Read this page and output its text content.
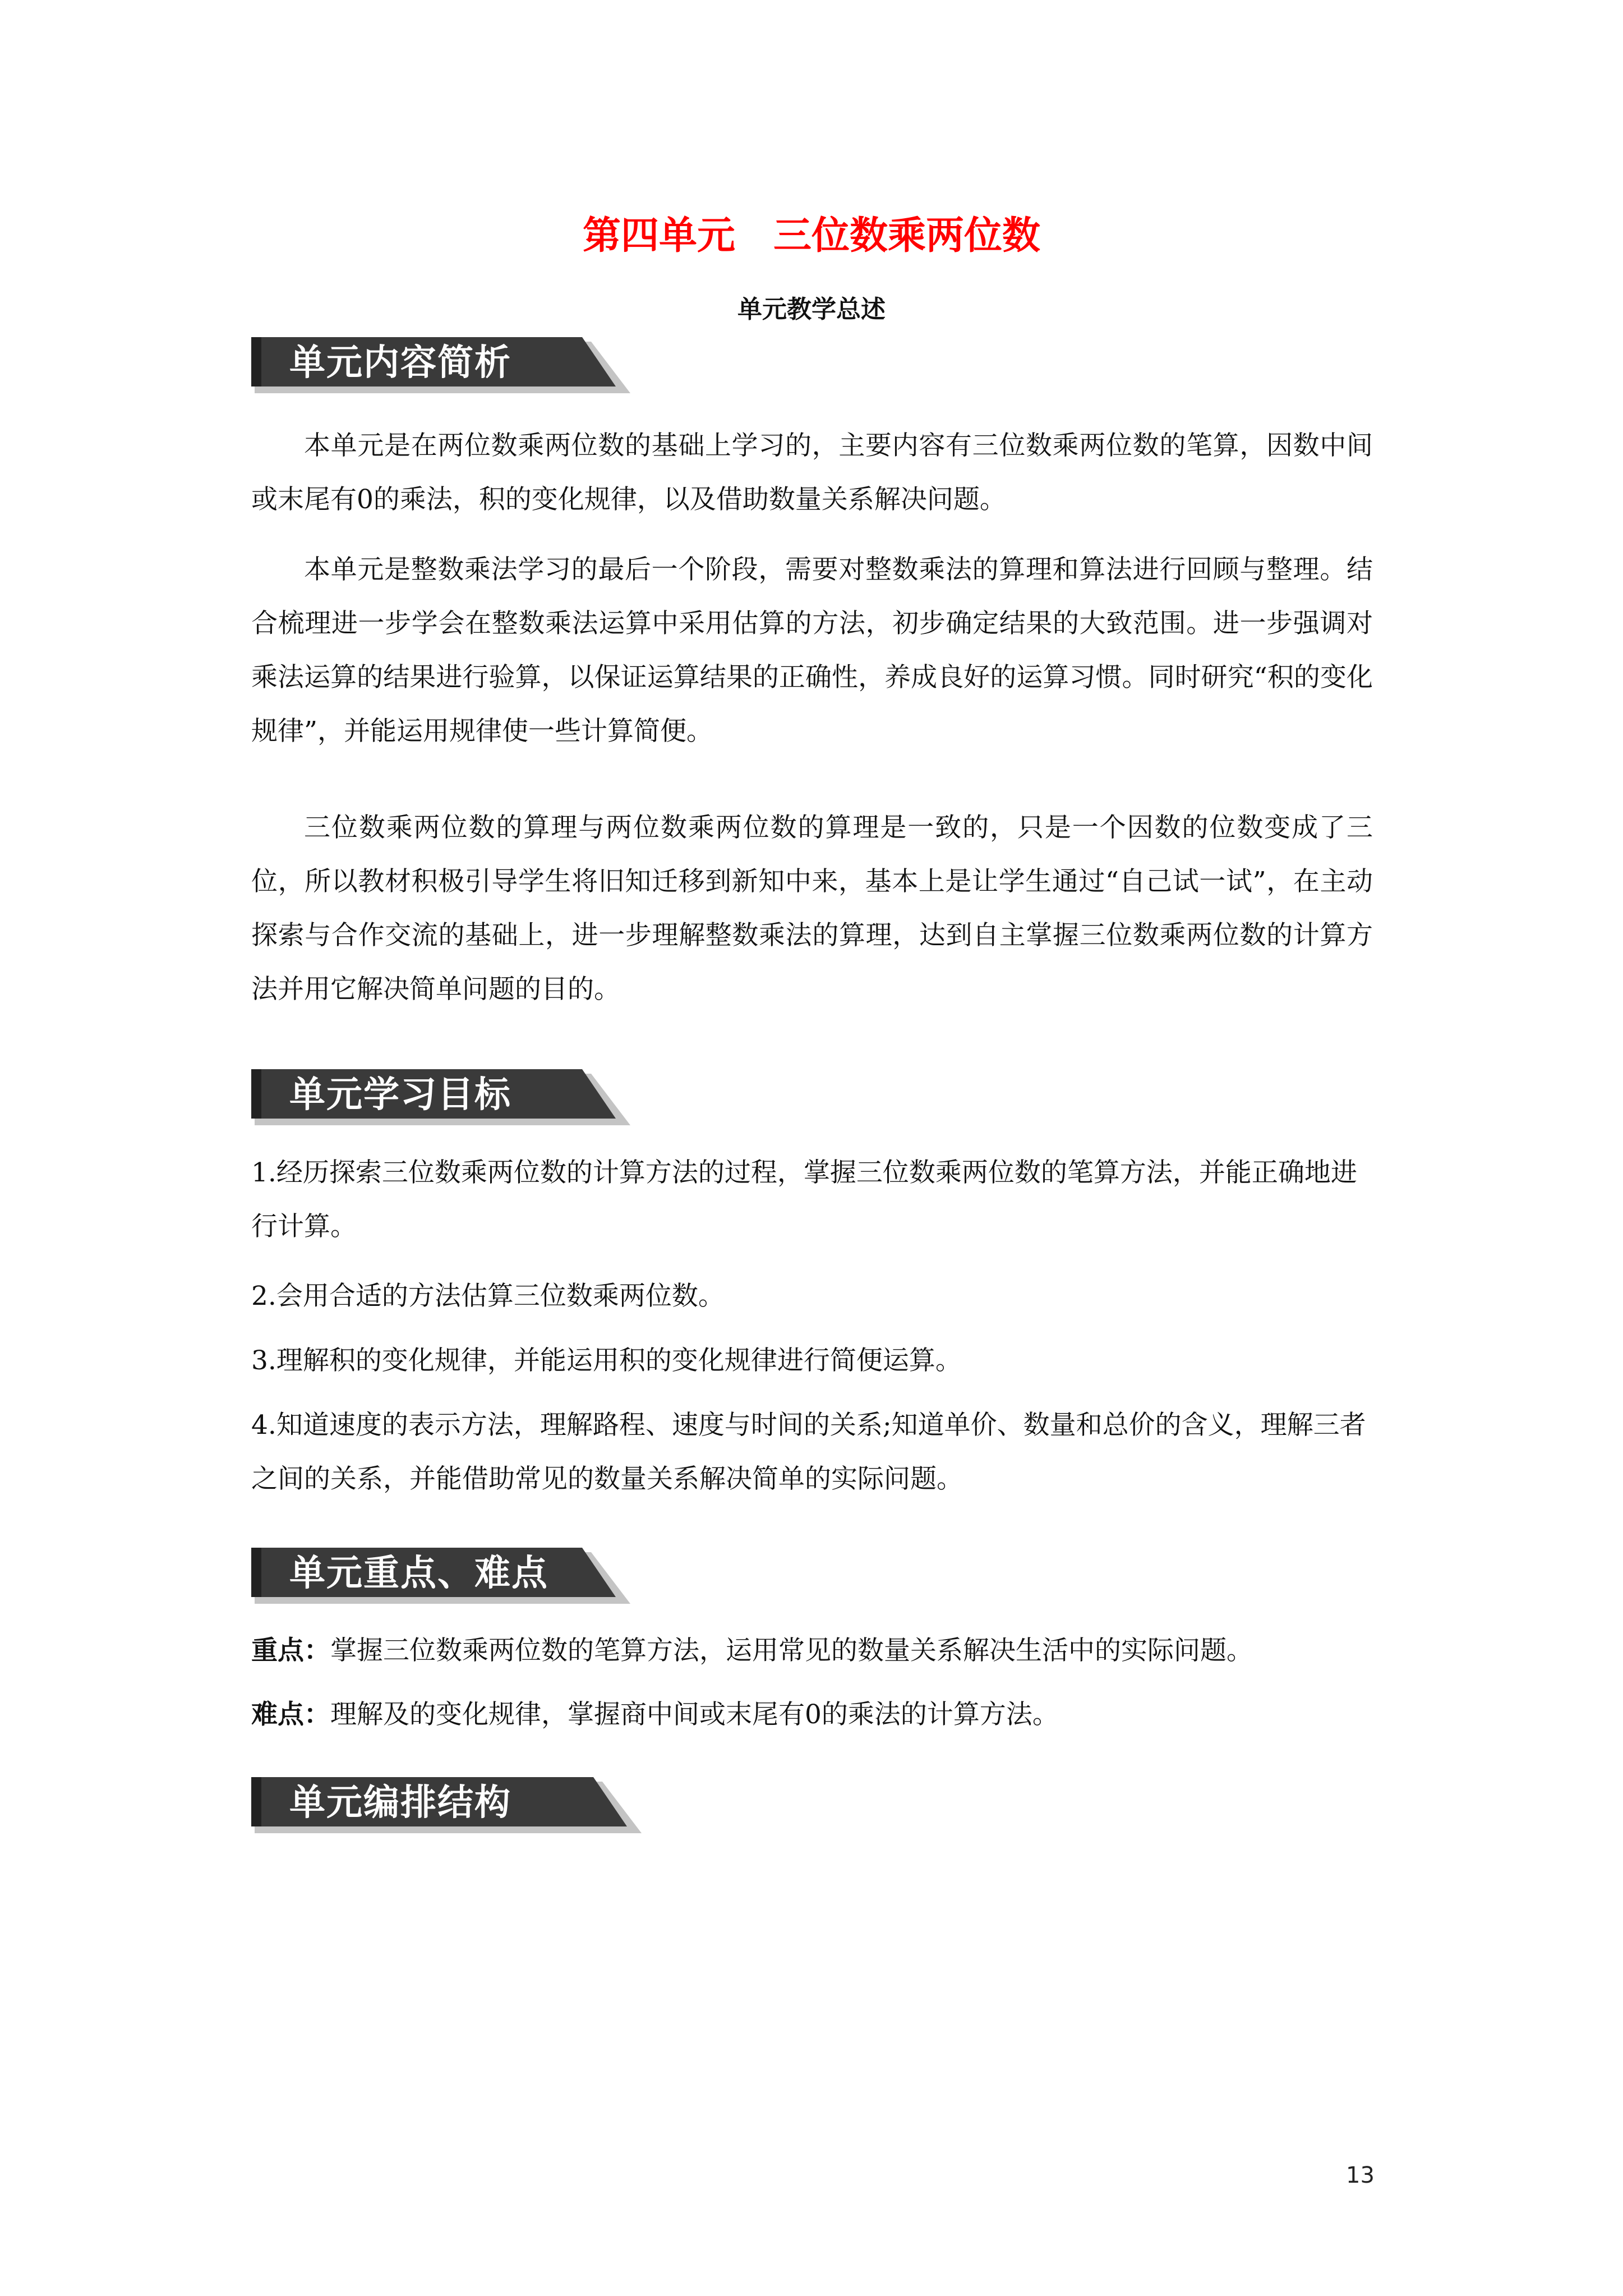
第四单元　三位数乘两位数
单元教学总述
单元内容简析

本单元是在两位数乘两位数的基础上学习的，主要内容有三位数乘两位数的笔算，因数中间或末尾有0的乘法，积的变化规律，以及借助数量关系解决问题。

本单元是整数乘法学习的最后一个阶段，需要对整数乘法的算理和算法进行回顾与整理。结合梳理进一步学会在整数乘法运算中采用估算的方法，初步确定结果的大致范围。进一步强调对乘法运算的结果进行验算，以保证运算结果的正确性，养成良好的运算习惯。同时研究“积的变化规律”，并能运用规律使一些计算简便。

三位数乘两位数的算理与两位数乘两位数的算理是一致的，只是一个因数的位数变成了三位，所以教材积极引导学生将旧知迁移到新知中来，基本上是让学生通过“自己试一试”，在主动探索与合作交流的基础上，进一步理解整数乘法的算理，达到自主掌握三位数乘两位数的计算方法并用它解决简单问题的目的。

单元学习目标

1.经历探索三位数乘两位数的计算方法的过程，掌握三位数乘两位数的笔算方法，并能正确地进行计算。

2.会用合适的方法估算三位数乘两位数。

3.理解积的变化规律，并能运用积的变化规律进行简便运算。

4.知道速度的表示方法，理解路程、速度与时间的关系;知道单价、数量和总价的含义，理解三者之间的关系，并能借助常见的数量关系解决简单的实际问题。

单元重点、难点

重点：掌握三位数乘两位数的笔算方法，运用常见的数量关系解决生活中的实际问题。

难点：理解及的变化规律，掌握商中间或末尾有0的乘法的计算方法。

单元编排结构
13
